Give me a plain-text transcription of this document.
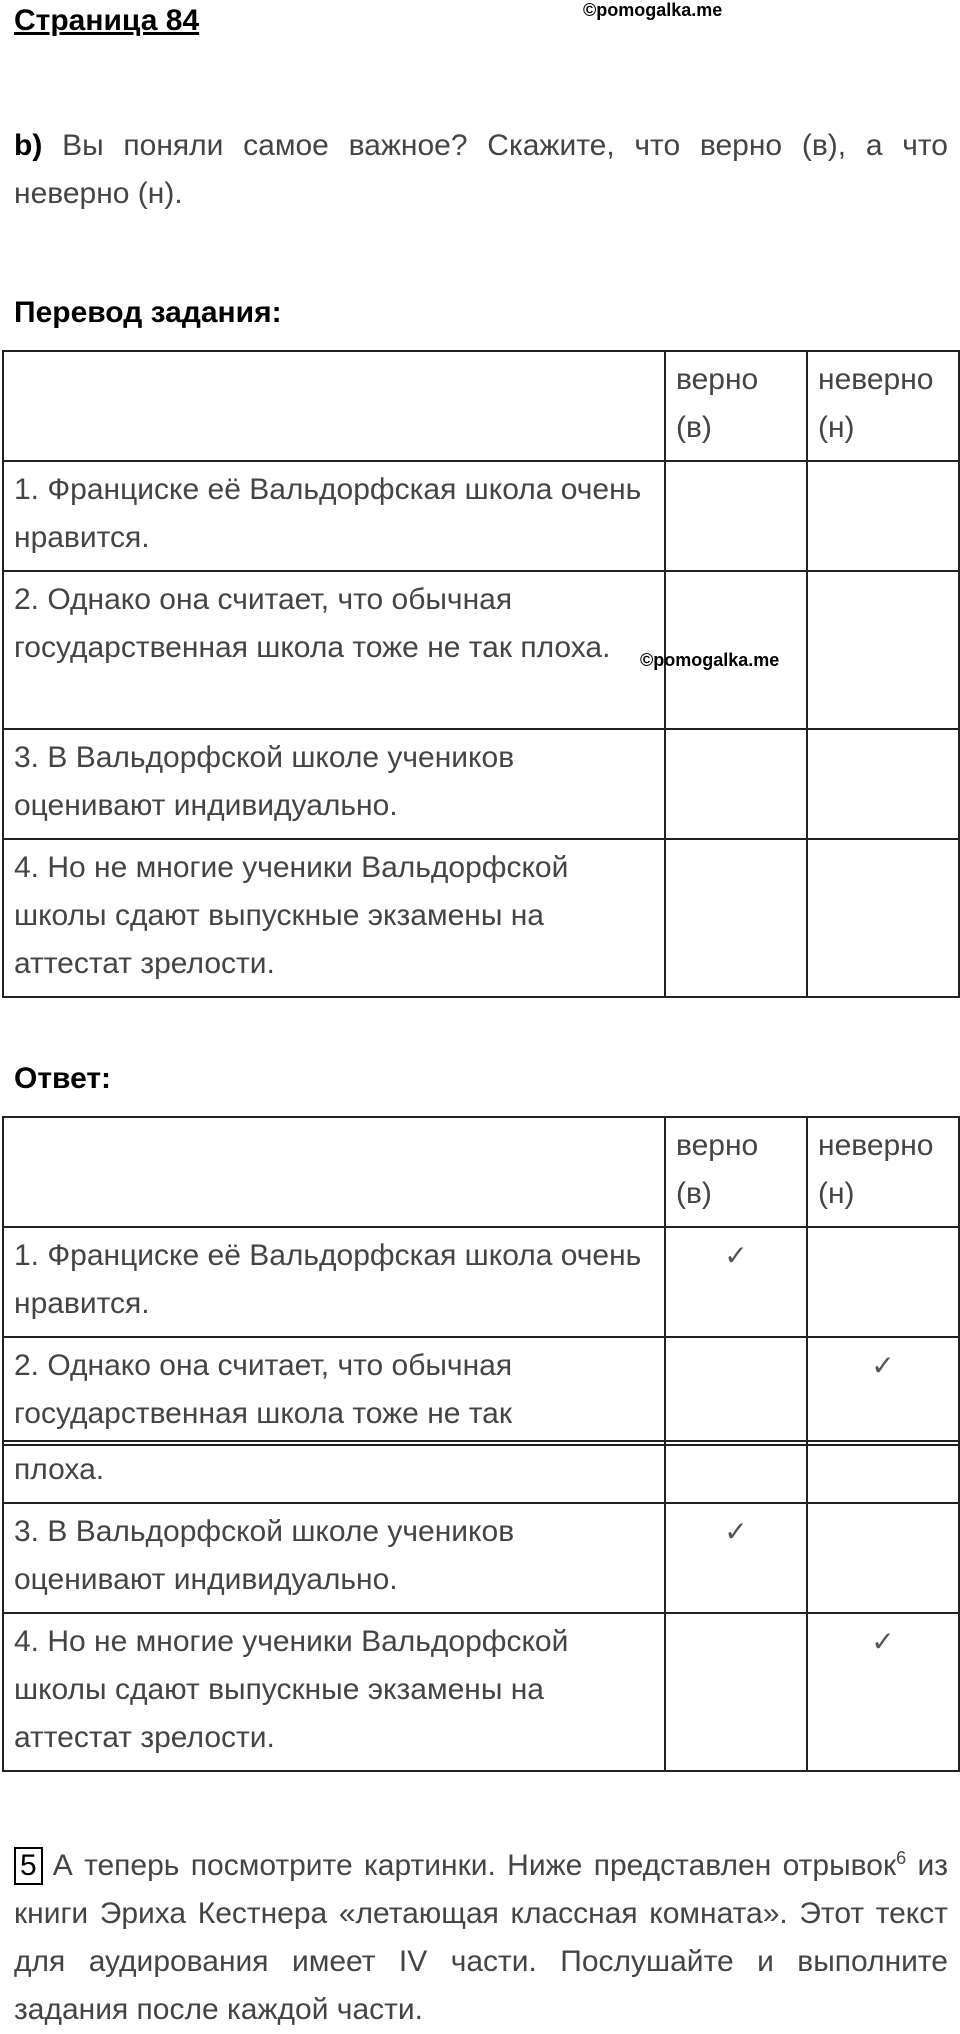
Страница 84	©pomogalka.me
b) Вы поняли самое важное? Скажите, что верно (в), а что неверно (н).
Перевод задания:
	верно (в)	неверно (н)
1. Франциске её Вальдорфская школа очень нравится.		
2. Однако она считает, что обычная государственная школа тоже не так плоха.		
3. В Вальдорфской школе учеников оценивают индивидуально.		
4. Но не многие ученики Вальдорфской школы сдают выпускные экзамены на аттестат зрелости.		
©pomogalka.me
Ответ:
	верно (в)	неверно (н)
1. Франциске её Вальдорфская школа очень нравится.	✓	
2. Однако она считает, что обычная государственная школа тоже не так		✓
плоха.		
3. В Вальдорфской школе учеников оценивают индивидуально.	✓	
4. Но не многие ученики Вальдорфской школы сдают выпускные экзамены на аттестат зрелости.		✓
5 А теперь посмотрите картинки. Ниже представлен отрывок$^6$ из книги Эриха Кестнера «летающая классная комната». Этот текст для аудирования имеет IV части. Послушайте и выполните задания после каждой части.
